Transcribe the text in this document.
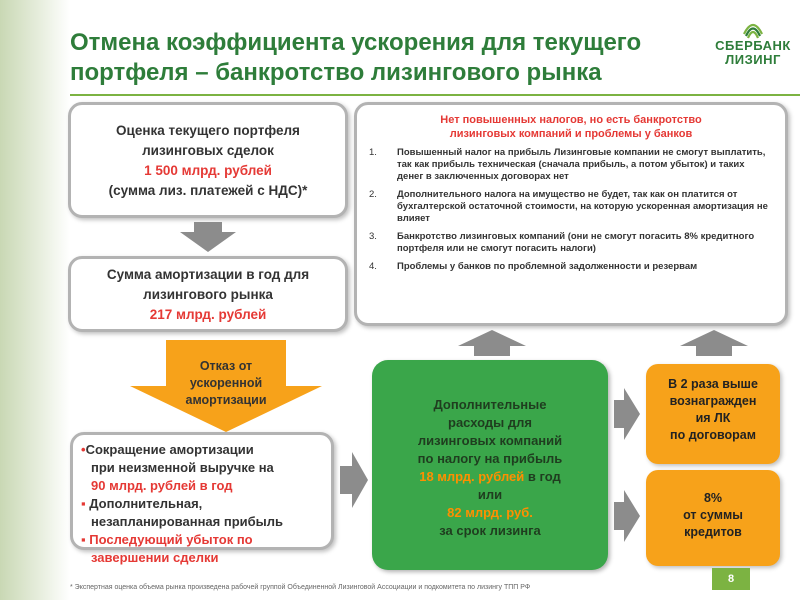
Отмена коэффициента ускорения для текущего
портфеля – банкротство лизингового рынка
СБЕРБАНК
ЛИЗИНГ
Оценка текущего портфеля
лизинговых сделок
1 500 млрд. рублей
(сумма лиз. платежей с НДС)*
Сумма амортизации в год для
лизингового рынка
217 млрд. рублей
Отказ от
ускоренной
амортизации
•Сокращение амортизации
при неизменной выручке на
90 млрд. рублей в год
▪ Дополнительная,
незапланированная прибыль
▪ Последующий убыток по
завершении сделки
Нет повышенных налогов, но есть банкротство
лизинговых компаний и проблемы у банков
1.	Повышенный налог на прибыль Лизинговые компании не смогут выплатить, так как прибыль техническая (сначала прибыль, а потом убыток) и таких денег в заключенных договорах нет
2.	Дополнительного налога на имущество не будет, так как он платится от бухгалтерской остаточной стоимости, на которую ускоренная амортизация не влияет
3.	Банкротство лизинговых компаний (они не смогут погасить 8% кредитного портфеля или не смогут погасить налоги)
4.	Проблемы у банков по проблемной задолженности и резервам
Дополнительные
расходы для
лизинговых компаний
по налогу на прибыль
18 млрд. рублей в год
или
82 млрд. руб.
за срок лизинга
В 2 раза выше
вознагражден
ия ЛК
по договорам
8%
от суммы
кредитов
* Экспертная оценка объема рынка произведена рабочей группой Объединенной Лизинговой Ассоциации и подкомитета по лизингу ТПП РФ
8
